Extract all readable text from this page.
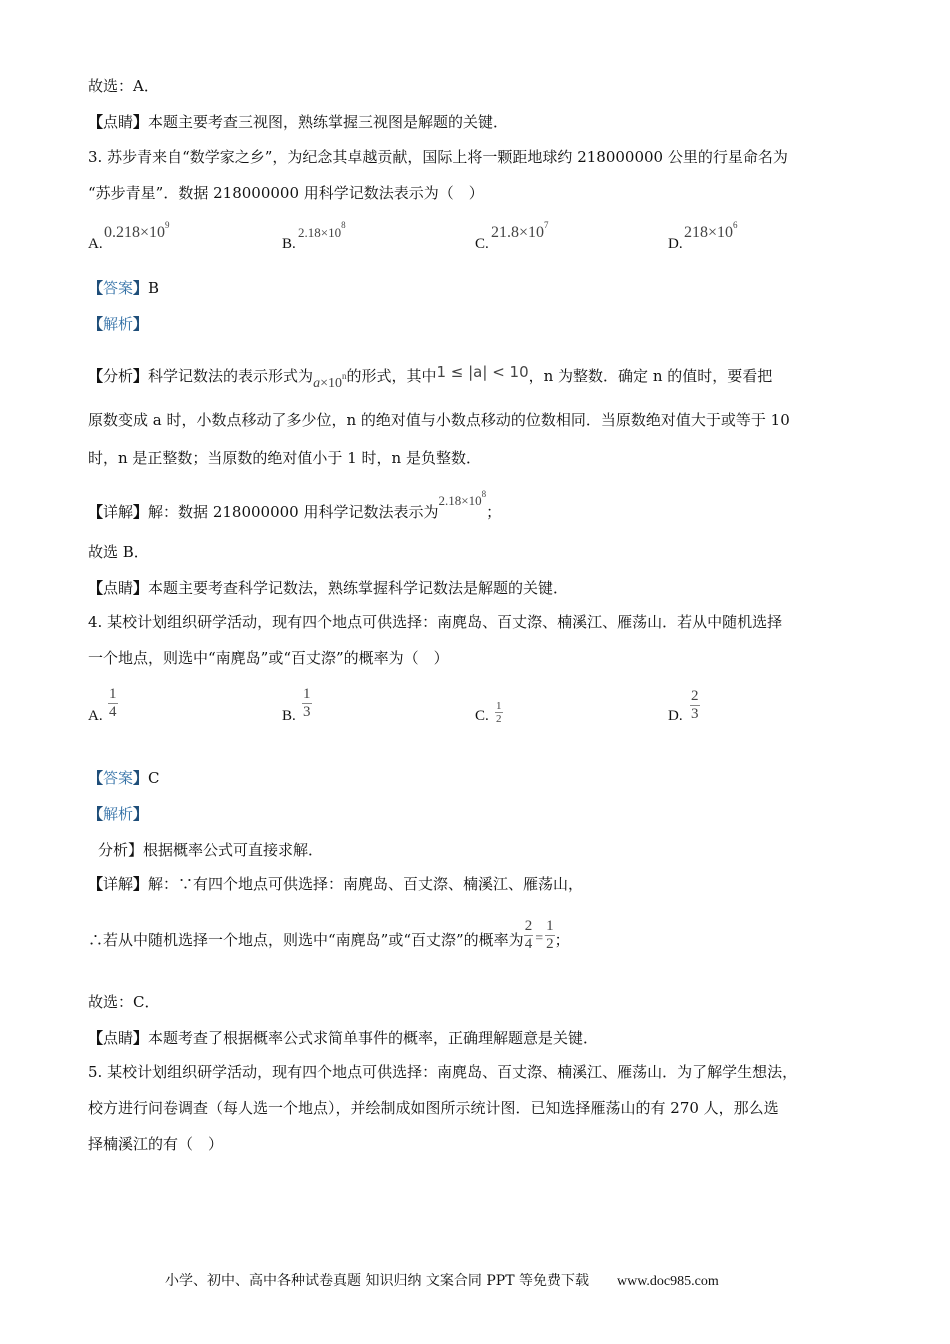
故选：A．
【点睛】本题主要考查三视图，熟练掌握三视图是解题的关键．
3. 苏步青来自“数学家之乡”，为纪念其卓越贡献，国际上将一颗距地球约 218000000 公里的行星命名为
“苏步青星”．数据 218000000 用科学记数法表示为（　）
A.
$0.218\times 10^9$
B.
$2.18\times 10^8$
C.
$21.8\times 10^7$
D.
$218\times 10^6$
【答案】B
【解析】
【分析】科学记数法的表示形式为$a\times 10^n$的形式，其中1 ≤ |a| < 10，n 为整数．确定 n 的值时，要看把
原数变成 a 时，小数点移动了多少位，n 的绝对值与小数点移动的位数相同．当原数绝对值大于或等于 10
时，n 是正整数；当原数的绝对值小于 1 时，n 是负整数．
【详解】解：数据 218000000 用科学记数法表示为$2.18\times 10^8$；
故选 B．
【点睛】本题主要考查科学记数法，熟练掌握科学记数法是解题的关键．
4. 某校计划组织研学活动，现有四个地点可供选择：南麂岛、百丈漈、楠溪江、雁荡山．若从中随机选择
一个地点，则选中“南麂岛”或“百丈漈”的概率为（　）
A. $\frac{1}{4}$	B. $\frac{1}{3}$	C. $\frac{1}{2}$	D. $\frac{2}{3}$
【答案】C
【解析】
分析】根据概率公式可直接求解．
【详解】解：∵有四个地点可供选择：南麂岛、百丈漈、楠溪江、雁荡山，
∴若从中随机选择一个地点，则选中“南麂岛”或“百丈漈”的概率为 $\frac{2}{4} = \frac{1}{2}$ ；
故选：C．
【点睛】本题考查了根据概率公式求简单事件的概率，正确理解题意是关键．
5. 某校计划组织研学活动，现有四个地点可供选择：南麂岛、百丈漈、楠溪江、雁荡山．为了解学生想法，
校方进行问卷调查（每人选一个地点），并绘制成如图所示统计图．已知选择雁荡山的有 270 人，那么选
择楠溪江的有（　）
小学、初中、高中各种试卷真题 知识归纳 文案合同 PPT 等免费下载 www.doc985.com
